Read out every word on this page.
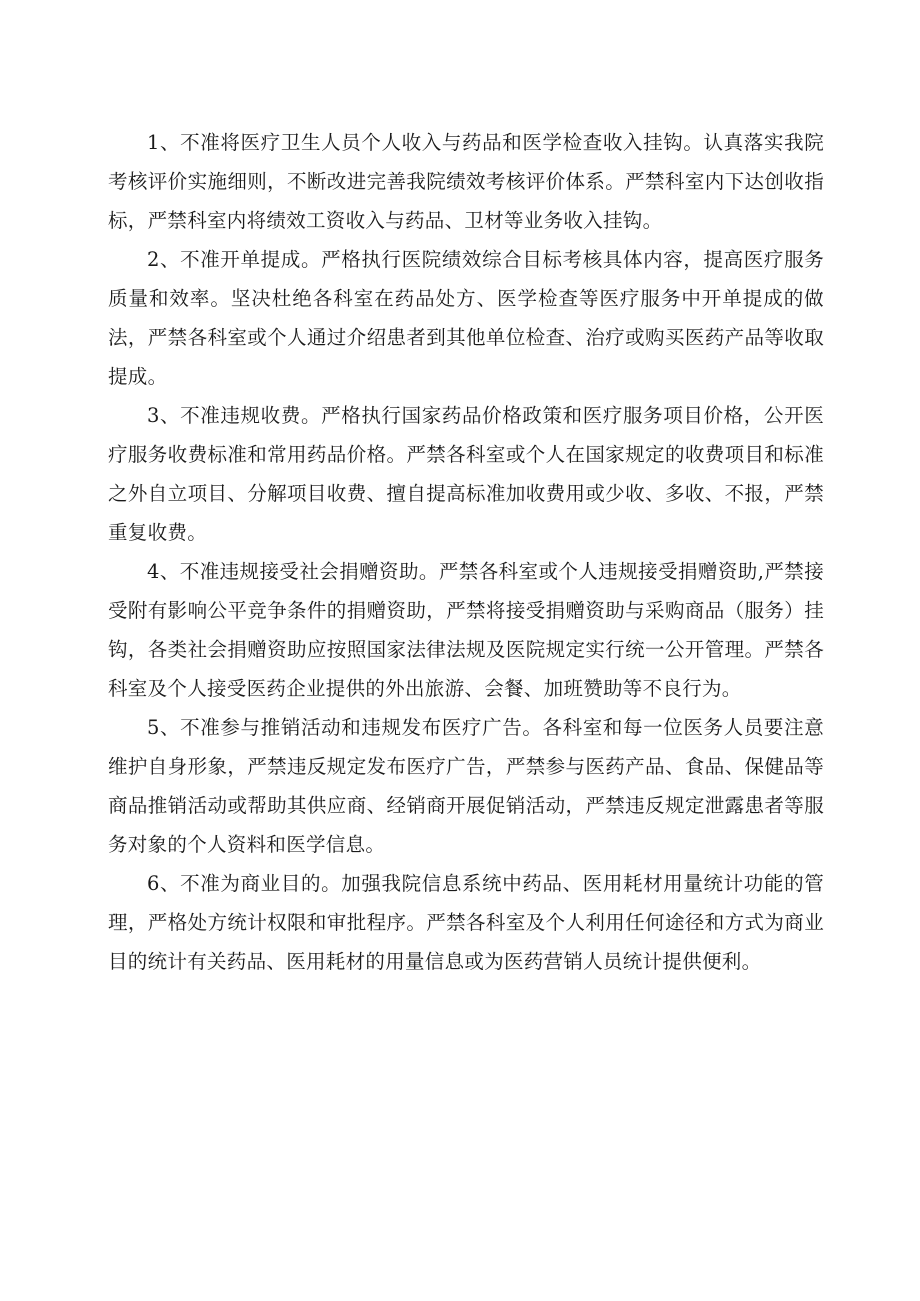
1、不准将医疗卫生人员个人收入与药品和医学检查收入挂钩。认真落实我院考核评价实施细则，不断改进完善我院绩效考核评价体系。严禁科室内下达创收指标，严禁科室内将绩效工资收入与药品、卫材等业务收入挂钩。

2、不准开单提成。严格执行医院绩效综合目标考核具体内容，提高医疗服务质量和效率。坚决杜绝各科室在药品处方、医学检查等医疗服务中开单提成的做法，严禁各科室或个人通过介绍患者到其他单位检查、治疗或购买医药产品等收取提成。

3、不准违规收费。严格执行国家药品价格政策和医疗服务项目价格，公开医疗服务收费标准和常用药品价格。严禁各科室或个人在国家规定的收费项目和标准之外自立项目、分解项目收费、擅自提高标准加收费用或少收、多收、不报，严禁重复收费。

4、不准违规接受社会捐赠资助。严禁各科室或个人违规接受捐赠资助,严禁接受附有影响公平竞争条件的捐赠资助，严禁将接受捐赠资助与采购商品（服务）挂钩，各类社会捐赠资助应按照国家法律法规及医院规定实行统一公开管理。严禁各科室及个人接受医药企业提供的外出旅游、会餐、加班赞助等不良行为。

5、不准参与推销活动和违规发布医疗广告。各科室和每一位医务人员要注意维护自身形象，严禁违反规定发布医疗广告，严禁参与医药产品、食品、保健品等商品推销活动或帮助其供应商、经销商开展促销活动，严禁违反规定泄露患者等服务对象的个人资料和医学信息。

6、不准为商业目的。加强我院信息系统中药品、医用耗材用量统计功能的管理，严格处方统计权限和审批程序。严禁各科室及个人利用任何途径和方式为商业目的统计有关药品、医用耗材的用量信息或为医药营销人员统计提供便利。
